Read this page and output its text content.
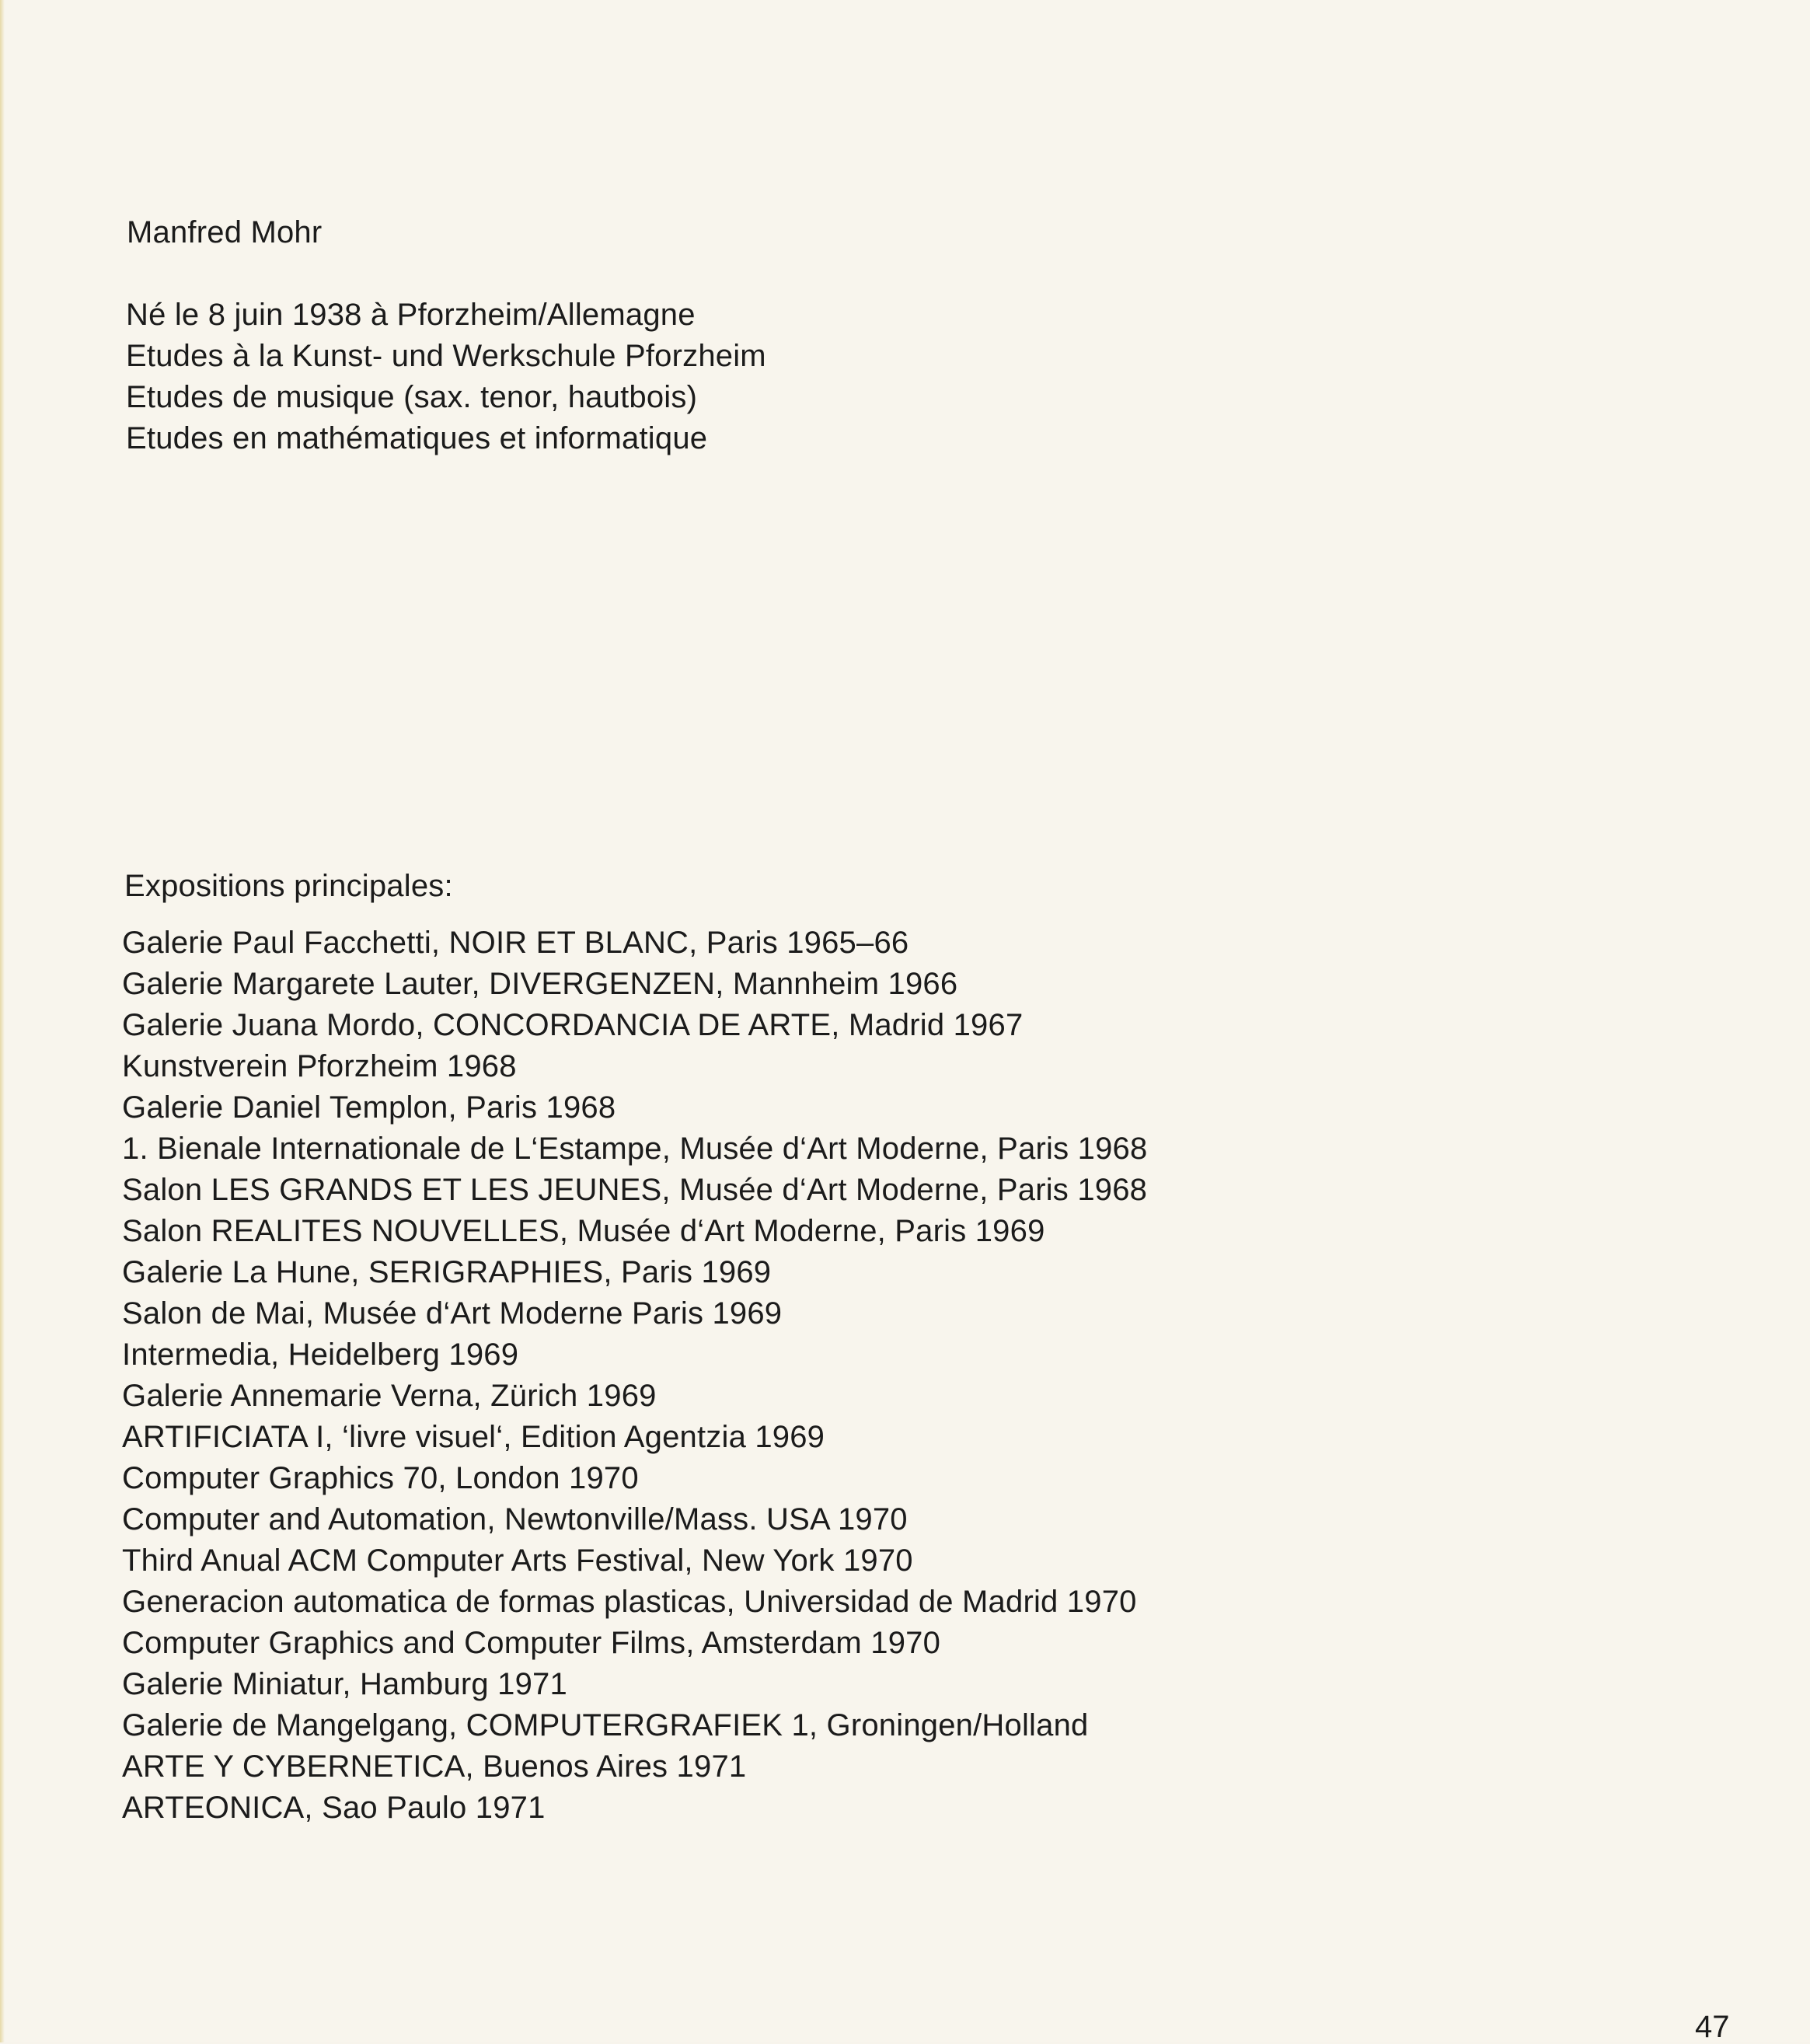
Manfred Mohr
Né le 8 juin 1938 à Pforzheim/Allemagne
Etudes à la Kunst- und Werkschule Pforzheim
Etudes de musique (sax. tenor, hautbois)
Etudes en mathématiques et informatique
Expositions principales:
Galerie Paul Facchetti, NOIR ET BLANC, Paris 1965–66
Galerie Margarete Lauter, DIVERGENZEN, Mannheim 1966
Galerie Juana Mordo, CONCORDANCIA DE ARTE, Madrid 1967
Kunstverein Pforzheim 1968
Galerie Daniel Templon, Paris 1968
1. Bienale Internationale de L‘Estampe, Musée d‘Art Moderne, Paris 1968
Salon LES GRANDS ET LES JEUNES, Musée d‘Art Moderne, Paris 1968
Salon REALITES NOUVELLES, Musée d‘Art Moderne, Paris 1969
Galerie La Hune, SERIGRAPHIES, Paris 1969
Salon de Mai, Musée d‘Art Moderne Paris 1969
Intermedia, Heidelberg 1969
Galerie Annemarie Verna, Zürich 1969
ARTIFICIATA I, ‘livre visuel‘, Edition Agentzia 1969
Computer Graphics 70, London 1970
Computer and Automation, Newtonville/Mass. USA 1970
Third Anual ACM Computer Arts Festival, New York 1970
Generacion automatica de formas plasticas, Universidad de Madrid 1970
Computer Graphics and Computer Films, Amsterdam 1970
Galerie Miniatur, Hamburg 1971
Galerie de Mangelgang, COMPUTERGRAFIEK 1, Groningen/Holland
ARTE Y CYBERNETICA, Buenos Aires 1971
ARTEONICA, Sao Paulo 1971
47
